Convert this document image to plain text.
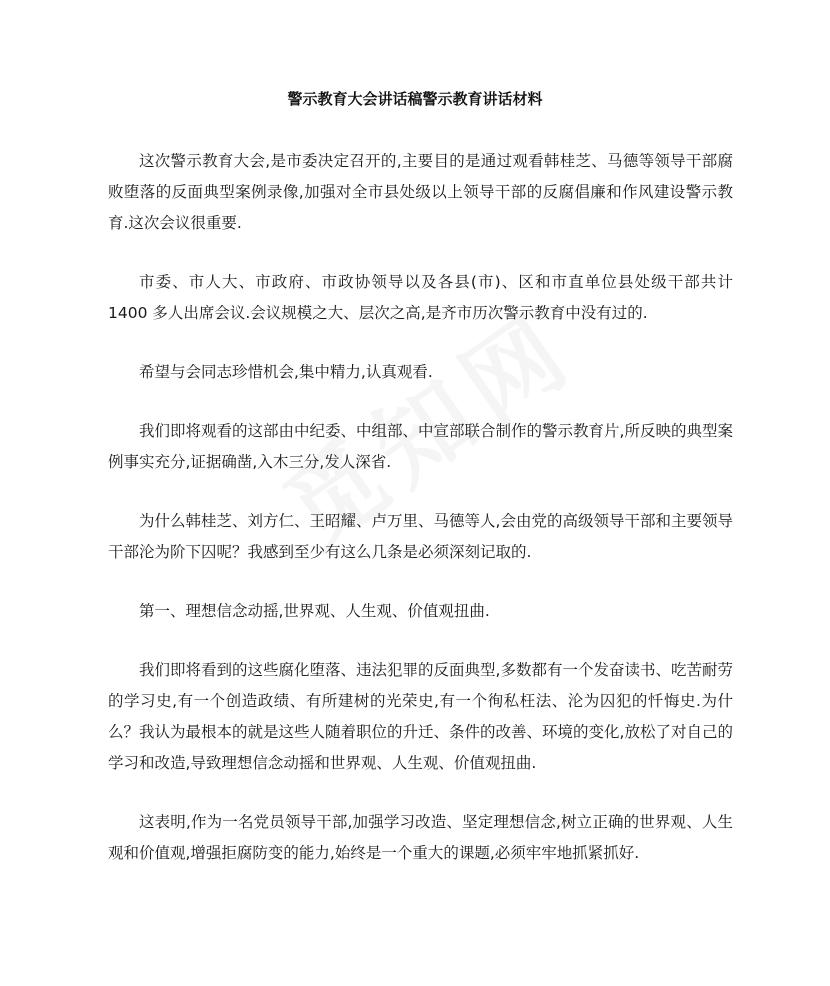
警示教育大会讲话稿警示教育讲话材料

这次警示教育大会,是市委决定召开的,主要目的是通过观看韩桂芝、马德等领导干部腐败堕落的反面典型案例录像,加强对全市县处级以上领导干部的反腐倡廉和作风建设警示教育.这次会议很重要.

市委、市人大、市政府、市政协领导以及各县(市)、区和市直单位县处级干部共计 1400 多人出席会议.会议规模之大、层次之高,是齐市历次警示教育中没有过的.

希望与会同志珍惜机会,集中精力,认真观看.

我们即将观看的这部由中纪委、中组部、中宣部联合制作的警示教育片,所反映的典型案例事实充分,证据确凿,入木三分,发人深省.

为什么韩桂芝、刘方仁、王昭耀、卢万里、马德等人,会由党的高级领导干部和主要领导干部沦为阶下囚呢？我感到至少有这么几条是必须深刻记取的.

第一、理想信念动摇,世界观、人生观、价值观扭曲.

我们即将看到的这些腐化堕落、违法犯罪的反面典型,多数都有一个发奋读书、吃苦耐劳的学习史,有一个创造政绩、有所建树的光荣史,有一个徇私枉法、沦为囚犯的忏悔史.为什么？我认为最根本的就是这些人随着职位的升迁、条件的改善、环境的变化,放松了对自己的学习和改造,导致理想信念动摇和世界观、人生观、价值观扭曲.

这表明,作为一名党员领导干部,加强学习改造、坚定理想信念,树立正确的世界观、人生观和价值观,增强拒腐防变的能力,始终是一个重大的课题,必须牢牢地抓紧抓好.
